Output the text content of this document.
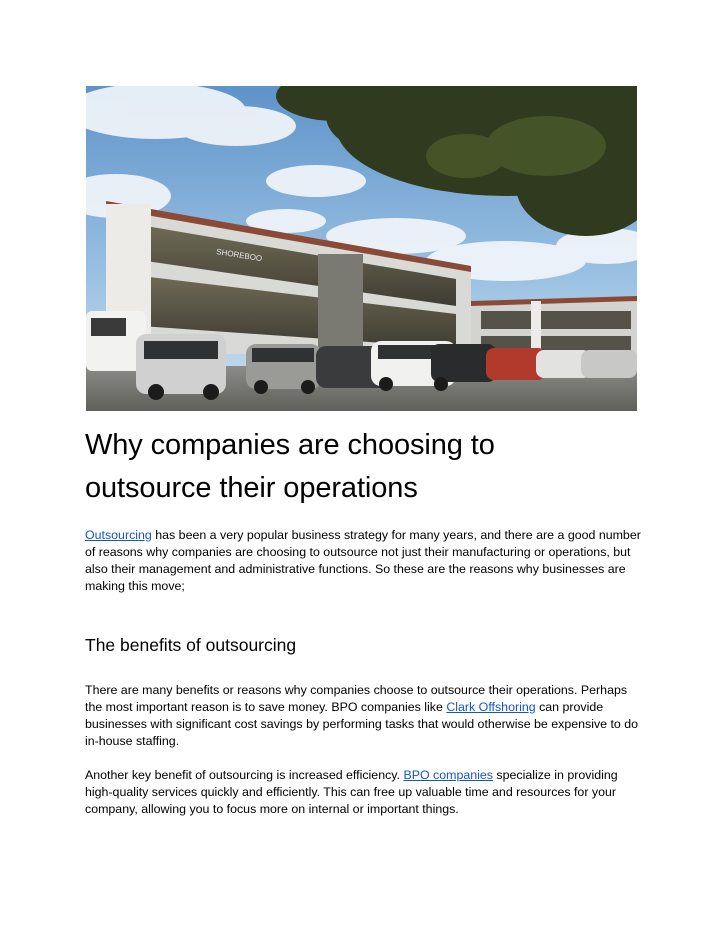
SHOREBOO
Why companies are choosing to
outsource their operations

Outsourcing has been a very popular business strategy for many years, and there are a good number of reasons why companies are choosing to outsource not just their manufacturing or operations, but also their management and administrative functions. So these are the reasons why businesses are making this move;

The benefits of outsourcing

There are many benefits or reasons why companies choose to outsource their operations. Perhaps the most important reason is to save money. BPO companies like Clark Offshoring can provide businesses with significant cost savings by performing tasks that would otherwise be expensive to do in-house staffing.

Another key benefit of outsourcing is increased efficiency. BPO companies specialize in providing high-quality services quickly and efficiently. This can free up valuable time and resources for your company, allowing you to focus more on internal or important things.
